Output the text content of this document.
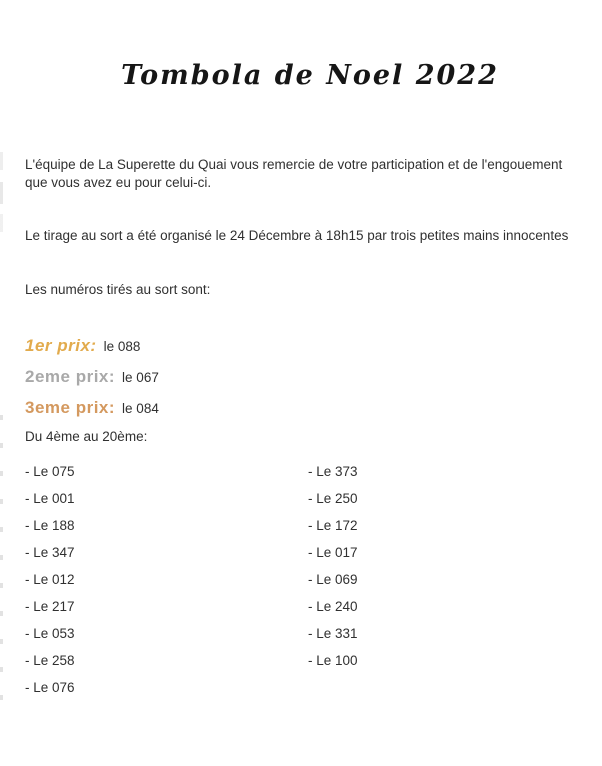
Tombola de Noel 2022

L'équipe de La Superette du Quai vous remercie de votre participation et de l'engouement que vous avez eu pour celui-ci.

Le tirage au sort a été organisé le 24 Décembre à 18h15 par trois petites mains innocentes

Les numéros tirés au sort sont:

1er prix: le 088
2eme prix: le 067
3eme prix: le 084

Du 4ème au 20ème:

- Le 075
- Le 001
- Le 188
- Le 347
- Le 012
- Le 217
- Le 053
- Le 258
- Le 076
- Le 373
- Le 250
- Le 172
- Le 017
- Le 069
- Le 240
- Le 331
- Le 100
